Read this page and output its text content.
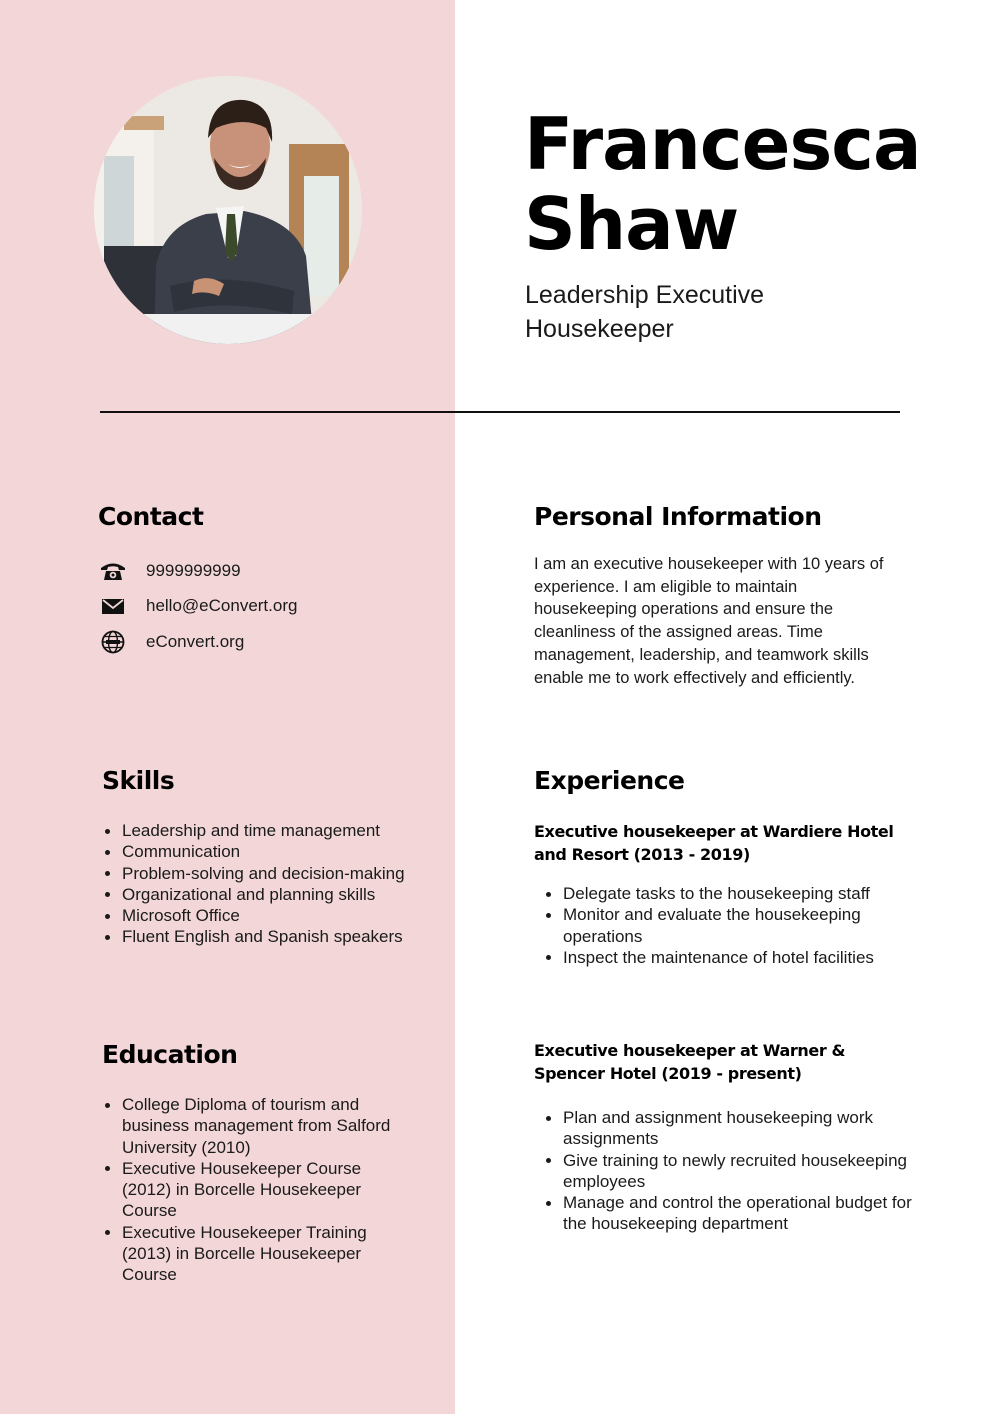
Francesca
Shaw
Leadership Executive
Housekeeper
Contact
9999999999
hello@eConvert.org
eConvert.org
Personal Information

I am an executive housekeeper with 10 years of experience. I am eligible to maintain housekeeping operations and ensure the cleanliness of the assigned areas. Time management, leadership, and teamwork skills enable me to work effectively and efficiently.

Skills
Leadership and time management
Communication
Problem-solving and decision-making
Organizational and planning skills
Microsoft Office
Fluent English and Spanish speakers
Education
College Diploma of tourism and business management from Salford University (2010)
Executive Housekeeper Course (2012) in Borcelle Housekeeper Course
Executive Housekeeper Training (2013) in Borcelle Housekeeper Course
Experience
Executive housekeeper at Wardiere Hotel and Resort (2013 - 2019)
Delegate tasks to the housekeeping staff
Monitor and evaluate the housekeeping operations
Inspect the maintenance of hotel facilities
Executive housekeeper at Warner & Spencer Hotel (2019 - present)
Plan and assignment housekeeping work assignments
Give training to newly recruited housekeeping employees
Manage and control the operational budget for the housekeeping department
